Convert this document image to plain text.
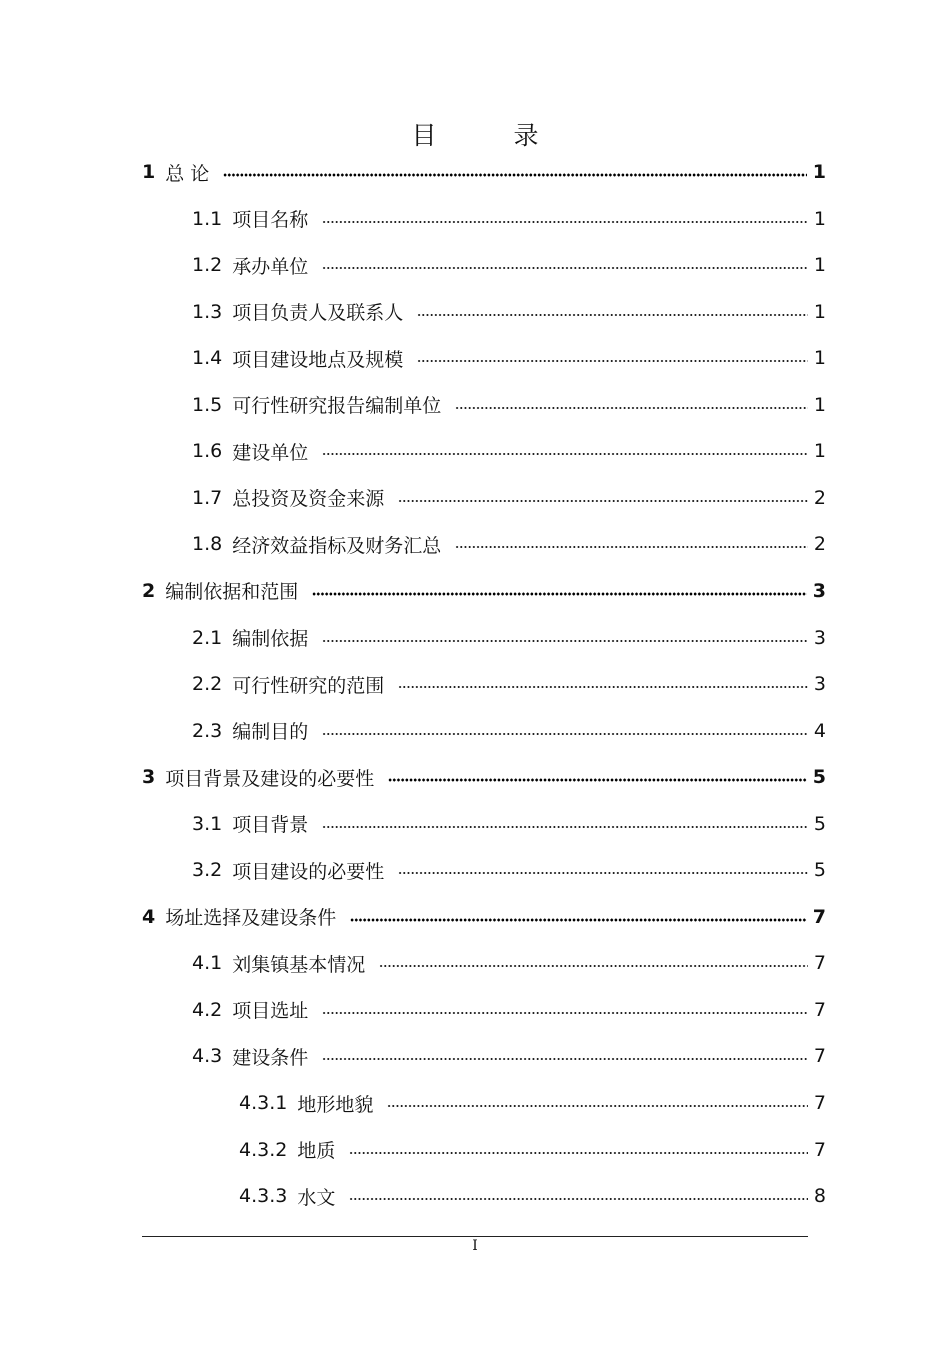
目　录
1 总 论	1
1.1 项目名称	1
1.2 承办单位	1
1.3 项目负责人及联系人	1
1.4 项目建设地点及规模	1
1.5 可行性研究报告编制单位	1
1.6 建设单位	1
1.7 总投资及资金来源	2
1.8 经济效益指标及财务汇总	2
2 编制依据和范围	3
2.1 编制依据	3
2.2 可行性研究的范围	3
2.3 编制目的	4
3 项目背景及建设的必要性	5
3.1 项目背景	5
3.2 项目建设的必要性	5
4 场址选择及建设条件	7
4.1 刘集镇基本情况	7
4.2 项目选址	7
4.3 建设条件	7
4.3.1 地形地貌	7
4.3.2 地质	7
4.3.3 水文	8
I
